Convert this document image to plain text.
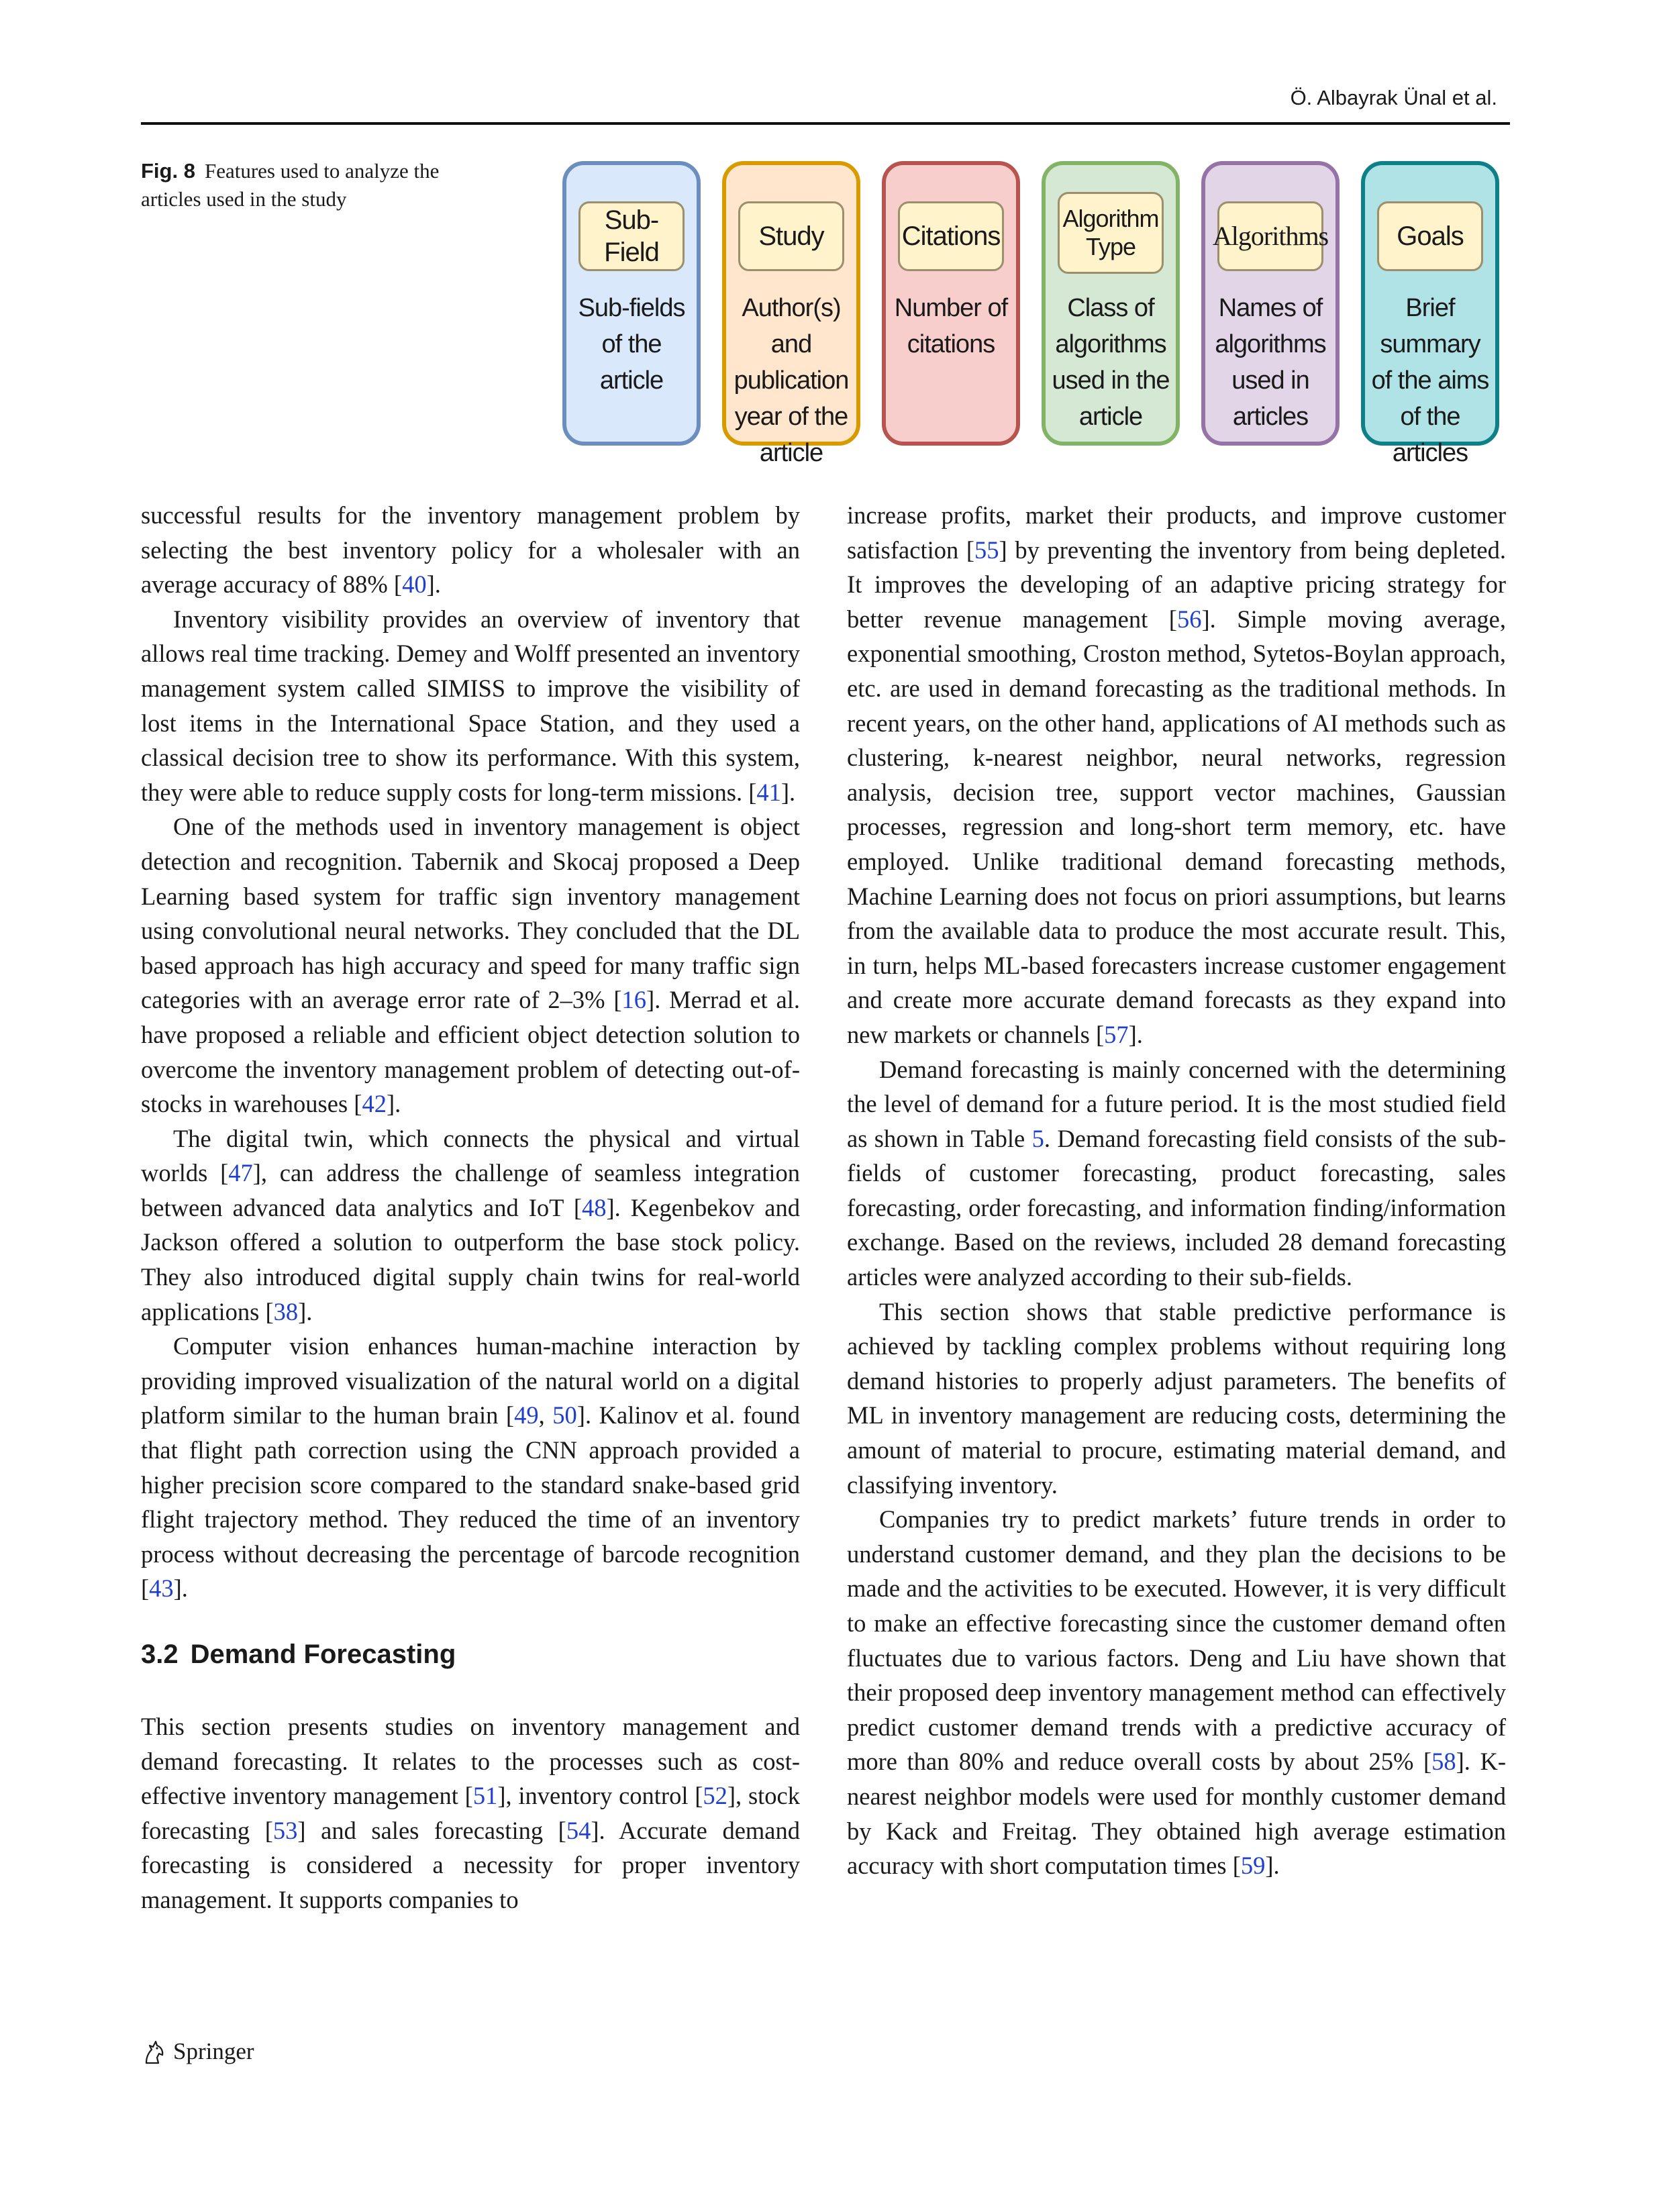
Ö. Albayrak Ünal et al.
Fig. 8 Features used to analyze the articles used in the study
Sub-Field
Sub-fields of the article
Study
Author(s) and publication year of the article
Citations
Number of citations
Algorithm Type
Class of algorithms used in the article
Algorithms
Names of algorithms used in articles
Goals
Brief summary of the aims of the articles

successful results for the inventory management problem by selecting the best inventory policy for a wholesaler with an average accuracy of 88% [40].

Inventory visibility provides an overview of inventory that allows real time tracking. Demey and Wolff presented an inventory management system called SIMISS to improve the visibility of lost items in the International Space Station, and they used a classical decision tree to show its performance. With this system, they were able to reduce supply costs for long-term missions. [41].

One of the methods used in inventory management is object detection and recognition. Tabernik and Skocaj proposed a Deep Learning based system for traffic sign inventory management using convolutional neural networks. They concluded that the DL based approach has high accuracy and speed for many traffic sign categories with an average error rate of 2–3% [16]. Merrad et al. have proposed a reliable and efficient object detection solution to overcome the inventory management problem of detecting out-of-stocks in warehouses [42].

The digital twin, which connects the physical and virtual worlds [47], can address the challenge of seamless integration between advanced data analytics and IoT [48]. Kegenbekov and Jackson offered a solution to outperform the base stock policy. They also introduced digital supply chain twins for real-world applications [38].

Computer vision enhances human-machine interaction by providing improved visualization of the natural world on a digital platform similar to the human brain [49, 50]. Kalinov et al. found that flight path correction using the CNN approach provided a higher precision score compared to the standard snake-based grid flight trajectory method. They reduced the time of an inventory process without decreasing the percentage of barcode recognition [43].

3.2 Demand Forecasting

This section presents studies on inventory management and demand forecasting. It relates to the processes such as cost-effective inventory management [51], inventory control [52], stock forecasting [53] and sales forecasting [54]. Accurate demand forecasting is considered a necessity for proper inventory management. It supports companies to

increase profits, market their products, and improve customer satisfaction [55] by preventing the inventory from being depleted. It improves the developing of an adaptive pricing strategy for better revenue management [56]. Simple moving average, exponential smoothing, Croston method, Sytetos-Boylan approach, etc. are used in demand forecasting as the traditional methods. In recent years, on the other hand, applications of AI methods such as clustering, k-nearest neighbor, neural networks, regression analysis, decision tree, support vector machines, Gaussian processes, regression and long-short term memory, etc. have employed. Unlike traditional demand forecasting methods, Machine Learning does not focus on priori assumptions, but learns from the available data to produce the most accurate result. This, in turn, helps ML-based forecasters increase customer engagement and create more accurate demand forecasts as they expand into new markets or channels [57].

Demand forecasting is mainly concerned with the determining the level of demand for a future period. It is the most studied field as shown in Table 5. Demand forecasting field consists of the sub-fields of customer forecasting, product forecasting, sales forecasting, order forecasting, and information finding/information exchange. Based on the reviews, included 28 demand forecasting articles were analyzed according to their sub-fields.

This section shows that stable predictive performance is achieved by tackling complex problems without requiring long demand histories to properly adjust parameters. The benefits of ML in inventory management are reducing costs, determining the amount of material to procure, estimating material demand, and classifying inventory.

Companies try to predict markets’ future trends in order to understand customer demand, and they plan the decisions to be made and the activities to be executed. However, it is very difficult to make an effective forecasting since the customer demand often fluctuates due to various factors. Deng and Liu have shown that their proposed deep inventory management method can effectively predict customer demand trends with a predictive accuracy of more than 80% and reduce overall costs by about 25% [58]. K-nearest neighbor models were used for monthly customer demand by Kack and Freitag. They obtained high average estimation accuracy with short computation times [59].

Springer
